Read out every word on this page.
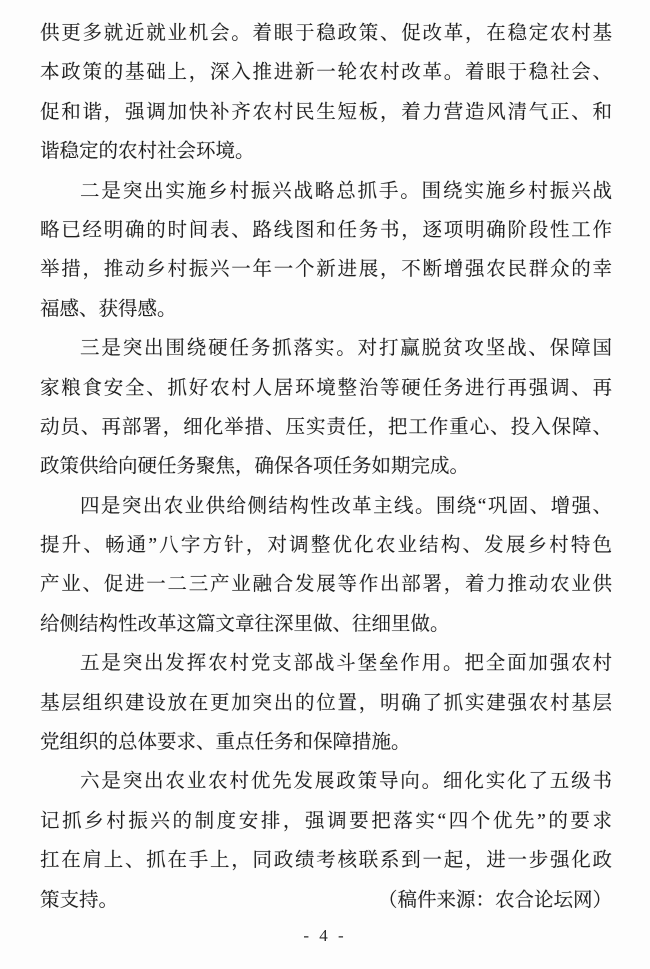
供更多就近就业机会。着眼于稳政策、促改革，在稳定农村基
本政策的基础上，深入推进新一轮农村改革。着眼于稳社会、
促和谐，强调加快补齐农村民生短板，着力营造风清气正、和
谐稳定的农村社会环境。
二是突出实施乡村振兴战略总抓手。围绕实施乡村振兴战
略已经明确的时间表、路线图和任务书，逐项明确阶段性工作
举措，推动乡村振兴一年一个新进展，不断增强农民群众的幸
福感、获得感。
三是突出围绕硬任务抓落实。对打赢脱贫攻坚战、保障国
家粮食安全、抓好农村人居环境整治等硬任务进行再强调、再
动员、再部署，细化举措、压实责任，把工作重心、投入保障、
政策供给向硬任务聚焦，确保各项任务如期完成。
四是突出农业供给侧结构性改革主线。围绕“巩固、增强、
提升、畅通”八字方针，对调整优化农业结构、发展乡村特色
产业、促进一二三产业融合发展等作出部署，着力推动农业供
给侧结构性改革这篇文章往深里做、往细里做。
五是突出发挥农村党支部战斗堡垒作用。把全面加强农村
基层组织建设放在更加突出的位置，明确了抓实建强农村基层
党组织的总体要求、重点任务和保障措施。
六是突出农业农村优先发展政策导向。细化实化了五级书
记抓乡村振兴的制度安排，强调要把落实“四个优先”的要求
扛在肩上、抓在手上，同政绩考核联系到一起，进一步强化政
策支持。	（稿件来源：农合论坛网）
- 4 -
